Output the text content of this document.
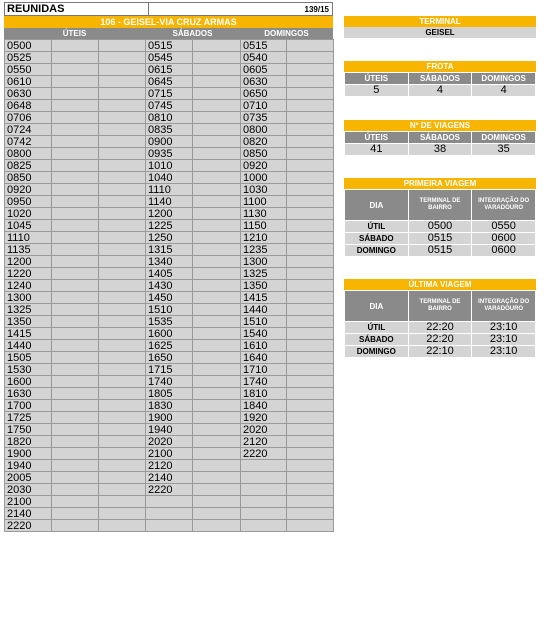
REUNIDAS	139/15
106 - GEISEL-VIA CRUZ ARMAS
ÚTEIS	SÁBADOS	DOMINGOS
0500			0515		0515	
0525			0545		0540	
0550			0615		0605	
0610			0645		0630	
0630			0715		0650	
0648			0745		0710	
0706			0810		0735	
0724			0835		0800	
0742			0900		0820	
0800			0935		0850	
0825			1010		0920	
0850			1040		1000	
0920			1110		1030	
0950			1140		1100	
1020			1200		1130	
1045			1225		1150	
1110			1250		1210	
1135			1315		1235	
1200			1340		1300	
1220			1405		1325	
1240			1430		1350	
1300			1450		1415	
1325			1510		1440	
1350			1535		1510	
1415			1600		1540	
1440			1625		1610	
1505			1650		1640	
1530			1715		1710	
1600			1740		1740	
1630			1805		1810	
1700			1830		1840	
1725			1900		1920	
1750			1940		2020	
1820			2020		2120	
1900			2100		2220	
1940			2120			
2005			2140			
2030			2220			
2100						
2140						
2220						
TERMINAL
GEISEL
FROTA
ÚTEIS	SÁBADOS	DOMINGOS
5	4	4
Nº DE VIAGENS
ÚTEIS	SÁBADOS	DOMINGOS
41	38	35
PRIMEIRA VIAGEM
DIA	TERMINAL DE BAIRRO	INTEGRAÇÃO DO VARADOURO
ÚTIL	0500	0550
SÁBADO	0515	0600
DOMINGO	0515	0600
ÚLTIMA VIAGEM
DIA	TERMINAL DE BAIRRO	INTEGRAÇÃO DO VARADOURO
ÚTIL	22:20	23:10
SÁBADO	22:20	23:10
DOMINGO	22:10	23:10
